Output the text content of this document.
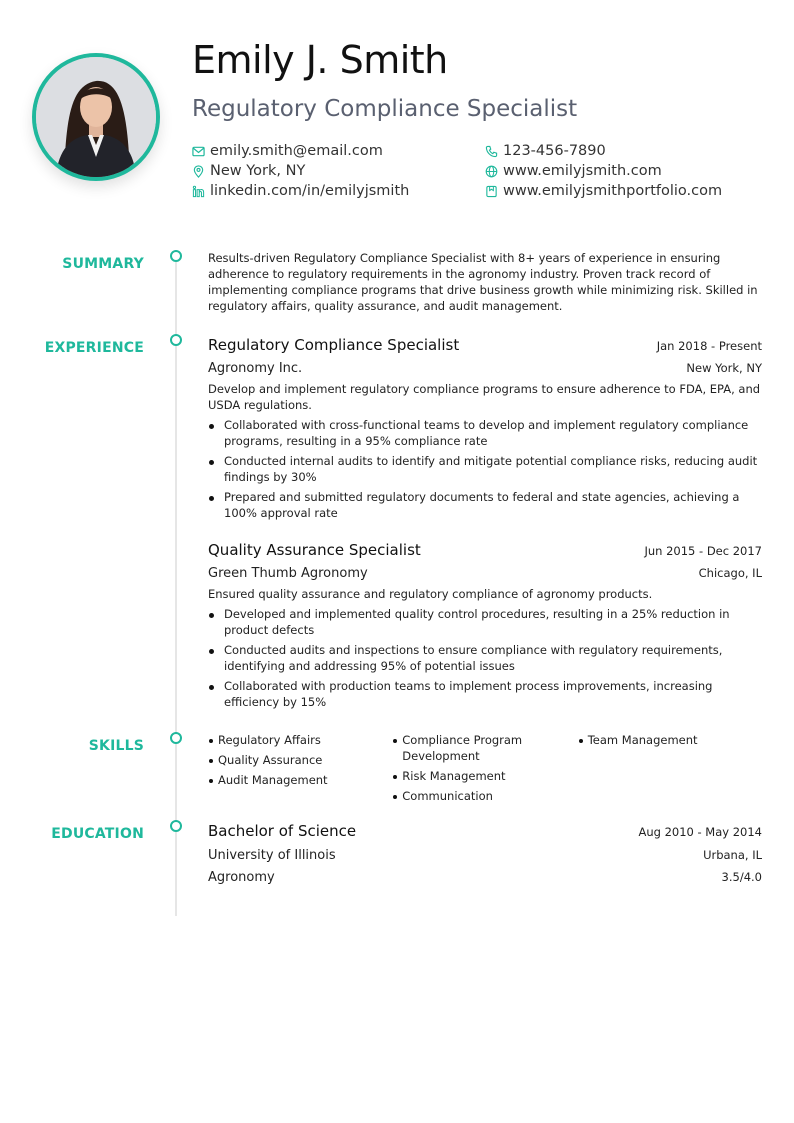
Emily J. Smith
Regulatory Compliance Specialist
emily.smith@email.com	123-456-7890
New York, NY	www.emilyjsmith.com
linkedin.com/in/emilyjsmith	www.emilyjsmithportfolio.com
SUMMARY
EXPERIENCE
SKILLS
EDUCATION

Results-driven Regulatory Compliance Specialist with 8+ years of experience in ensuring adherence to regulatory requirements in the agronomy industry. Proven track record of implementing compliance programs that drive business growth while minimizing risk. Skilled in regulatory affairs, quality assurance, and audit management.

Regulatory Compliance Specialist	Jan 2018 - Present
Agronomy Inc.	New York, NY

Develop and implement regulatory compliance programs to ensure adherence to FDA, EPA, and USDA regulations.

Collaborated with cross-functional teams to develop and implement regulatory compliance programs, resulting in a 95% compliance rate
Conducted internal audits to identify and mitigate potential compliance risks, reducing audit findings by 30%
Prepared and submitted regulatory documents to federal and state agencies, achieving a 100% approval rate
Quality Assurance Specialist	Jun 2015 - Dec 2017
Green Thumb Agronomy	Chicago, IL

Ensured quality assurance and regulatory compliance of agronomy products.

Developed and implemented quality control procedures, resulting in a 25% reduction in product defects
Conducted audits and inspections to ensure compliance with regulatory requirements, identifying and addressing 95% of potential issues
Collaborated with production teams to implement process improvements, increasing efficiency by 15%
Regulatory Affairs
Quality Assurance
Audit Management
Compliance Program Development
Risk Management
Communication
Team Management
Bachelor of Science	Aug 2010 - May 2014
University of Illinois	Urbana, IL
Agronomy	3.5/4.0
